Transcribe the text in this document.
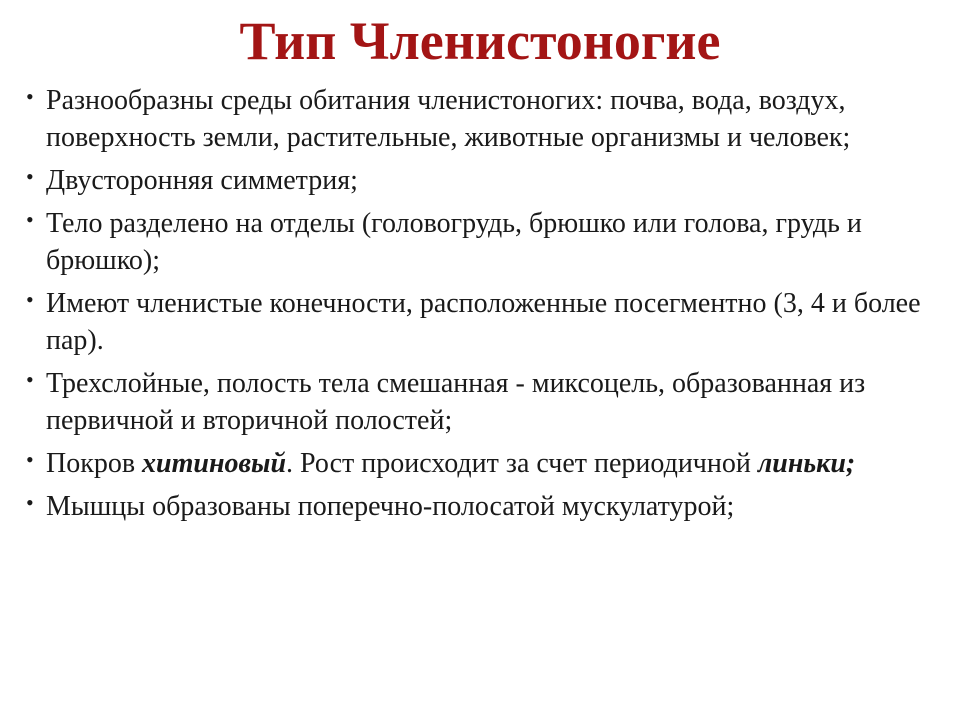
Тип Членистоногие
• Разнообразны среды обитания членистоногих: почва, вода, воздух, поверхность земли, растительные, животные организмы и человек;
• Двусторонняя симметрия;
• Тело разделено на отделы (головогрудь, брюшко или голова, грудь и брюшко);
• Имеют членистые конечности, расположенные посегментно (3, 4 и более пар).
• Трехслойные, полость тела смешанная - миксоцель, образованная из первичной и вторичной полостей;
• Покров хитиновый. Рост происходит за счет периодичной линьки;
• Мышцы образованы поперечно-полосатой мускулатурой;
